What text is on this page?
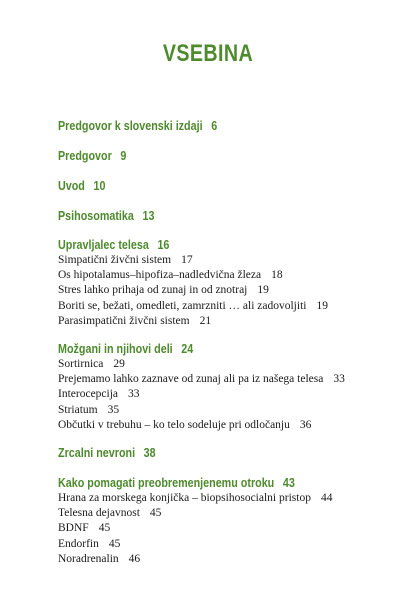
VSEBINA
Predgovor k slovenski izdaji 6
Predgovor 9
Uvod 10
Psihosomatika 13
Upravljalec telesa 16
Simpatični živčni sistem 17
Os hipotalamus–hipofiza–nadledvična žleza 18
Stres lahko prihaja od zunaj in od znotraj 19
Boriti se, bežati, omedleti, zamrzniti … ali zadovoljiti 19
Parasimpatični živčni sistem 21
Možgani in njihovi deli 24
Sortirnica 29
Prejemamo lahko zaznave od zunaj ali pa iz našega telesa 33
Interocepcija 33
Striatum 35
Občutki v trebuhu – ko telo sodeluje pri odločanju 36
Zrcalni nevroni 38
Kako pomagati preobremenjenemu otroku 43
Hrana za morskega konjička – biopsihosocialni pristop 44
Telesna dejavnost 45
BDNF 45
Endorfin 45
Noradrenalin 46
